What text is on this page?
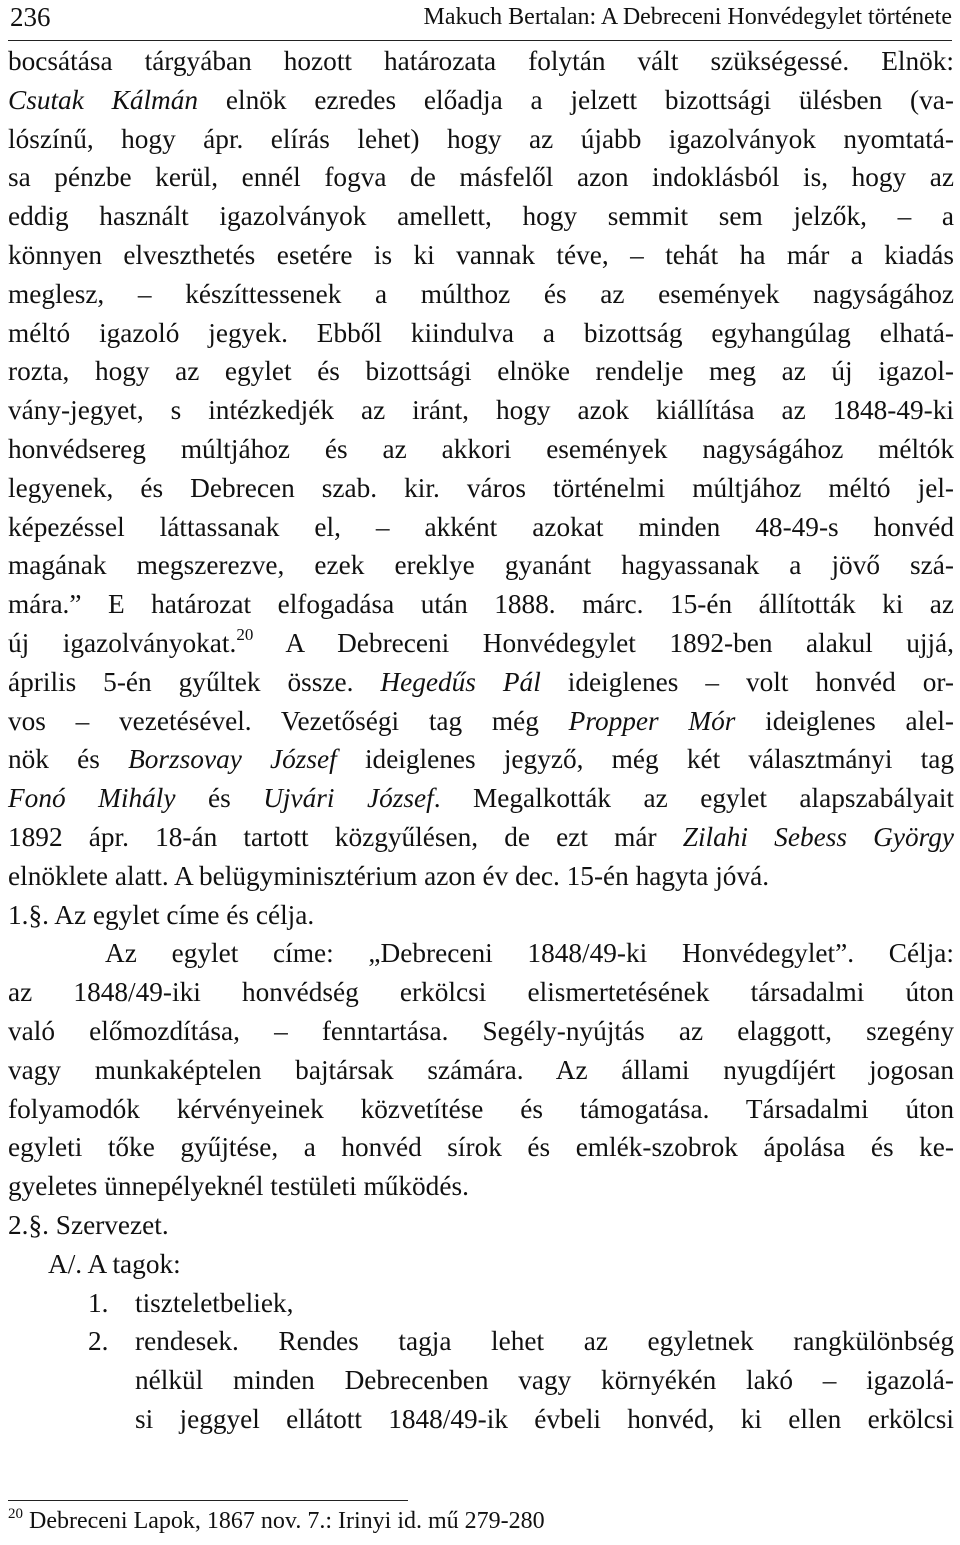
236	Makuch Bertalan: A Debreceni Honvédegylet története
bocsátása tárgyában hozott határozata folytán vált szükségessé. Elnök:
Csutak Kálmán elnök ezredes előadja a jelzett bizottsági ülésben (va-
lószínű, hogy ápr. elírás lehet) hogy az újabb igazolványok nyomtatá-
sa pénzbe kerül, ennél fogva de másfelől azon indoklásból is, hogy az
eddig használt igazolványok amellett, hogy semmit sem jelzők, – a
könnyen elveszthetés esetére is ki vannak téve, – tehát ha már a kiadás
meglesz, – készíttessenek a múlthoz és az események nagyságához
méltó igazoló jegyek. Ebből kiindulva a bizottság egyhangúlag elhatá-
rozta, hogy az egylet és bizottsági elnöke rendelje meg az új igazol-
vány-jegyet, s intézkedjék az iránt, hogy azok kiállítása az 1848-49-ki
honvédsereg múltjához és az akkori események nagyságához méltók
legyenek, és Debrecen szab. kir. város történelmi múltjához méltó jel-
képezéssel láttassanak el, – akként azokat minden 48-49-s honvéd
magának megszerezve, ezek ereklye gyanánt hagyassanak a jövő szá-
mára.” E határozat elfogadása után 1888. márc. 15-én állították ki az
új igazolványokat.$^{20}$ A Debreceni Honvédegylet 1892-ben alakul ujjá,
április 5-én gyűltek össze. Hegedűs Pál ideiglenes – volt honvéd or-
vos – vezetésével. Vezetőségi tag még Propper Mór ideiglenes alel-
nök és Borzsovay József ideiglenes jegyző, még két választmányi tag
Fonó Mihály és Ujvári József. Megalkották az egylet alapszabályait
1892 ápr. 18-án tartott közgyűlésen, de ezt már Zilahi Sebess György
elnöklete alatt. A belügyminisztérium azon év dec. 15-én hagyta jóvá.
1.§. Az egylet címe és célja.
Az egylet címe: „Debreceni 1848/49-ki Honvédegylet”. Célja:
az 1848/49-iki honvédség erkölcsi elismertetésének társadalmi úton
való előmozdítása, – fenntartása. Segély-nyújtás az elaggott, szegény
vagy munkaképtelen bajtársak számára. Az állami nyugdíjért jogosan
folyamodók kérvényeinek közvetítése és támogatása. Társadalmi úton
egyleti tőke gyűjtése, a honvéd sírok és emlék-szobrok ápolása és ke-
gyeletes ünnepélyeknél testületi működés.
2.§. Szervezet.
A/. A tagok:
1. tiszteletbeliek,
2. rendesek. Rendes tagja lehet az egyletnek rangkülönbség
nélkül minden Debrecenben vagy környékén lakó – igazolá-
si jeggyel ellátott 1848/49-ik évbeli honvéd, ki ellen erkölcsi
$^{20}$ Debreceni Lapok, 1867 nov. 7.: Irinyi id. mű 279-280
